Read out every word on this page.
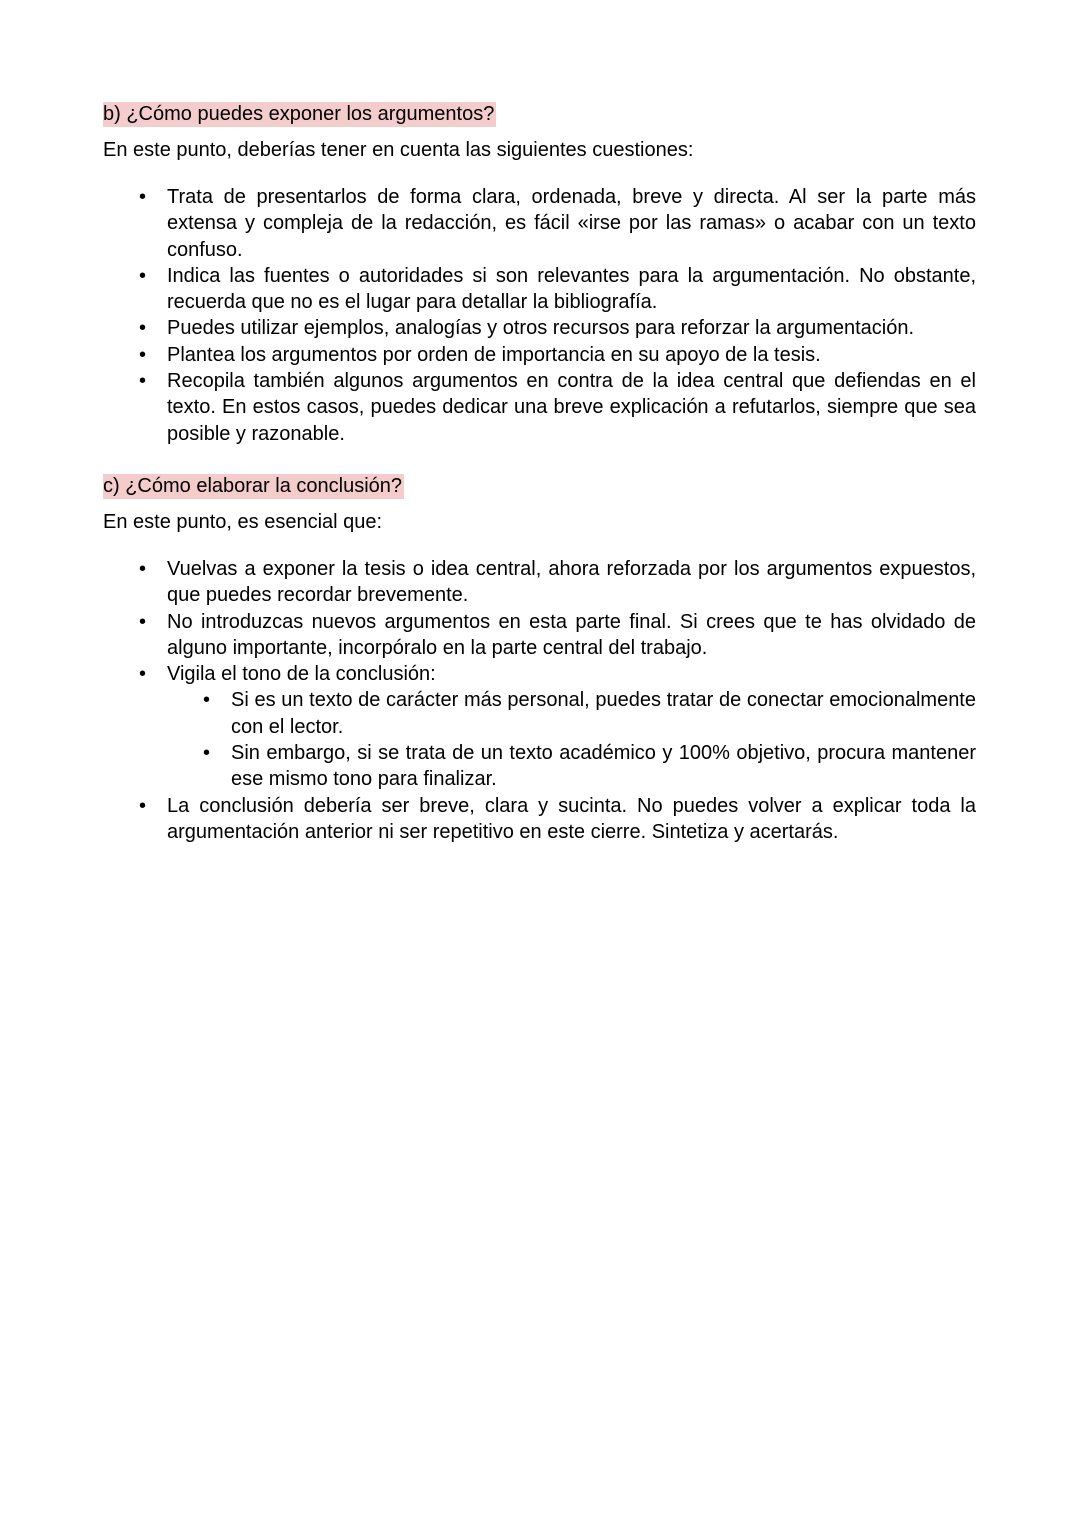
b) ¿Cómo puedes exponer los argumentos?

En este punto, deberías tener en cuenta las siguientes cuestiones:

• Trata de presentarlos de forma clara, ordenada, breve y directa. Al ser la parte más extensa y compleja de la redacción, es fácil «irse por las ramas» o acabar con un texto confuso.
• Indica las fuentes o autoridades si son relevantes para la argumentación. No obstante, recuerda que no es el lugar para detallar la bibliografía.
• Puedes utilizar ejemplos, analogías y otros recursos para reforzar la argumentación.
• Plantea los argumentos por orden de importancia en su apoyo de la tesis.
• Recopila también algunos argumentos en contra de la idea central que defiendas en el texto. En estos casos, puedes dedicar una breve explicación a refutarlos, siempre que sea posible y razonable.
c) ¿Cómo elaborar la conclusión?

En este punto, es esencial que:

• Vuelvas a exponer la tesis o idea central, ahora reforzada por los argumentos expuestos, que puedes recordar brevemente.
• No introduzcas nuevos argumentos en esta parte final. Si crees que te has olvidado de alguno importante, incorpóralo en la parte central del trabajo.
• Vigila el tono de la conclusión:
• Si es un texto de carácter más personal, puedes tratar de conectar emocionalmente con el lector.
• Sin embargo, si se trata de un texto académico y 100% objetivo, procura mantener ese mismo tono para finalizar.
• La conclusión debería ser breve, clara y sucinta. No puedes volver a explicar toda la argumentación anterior ni ser repetitivo en este cierre. Sintetiza y acertarás.
